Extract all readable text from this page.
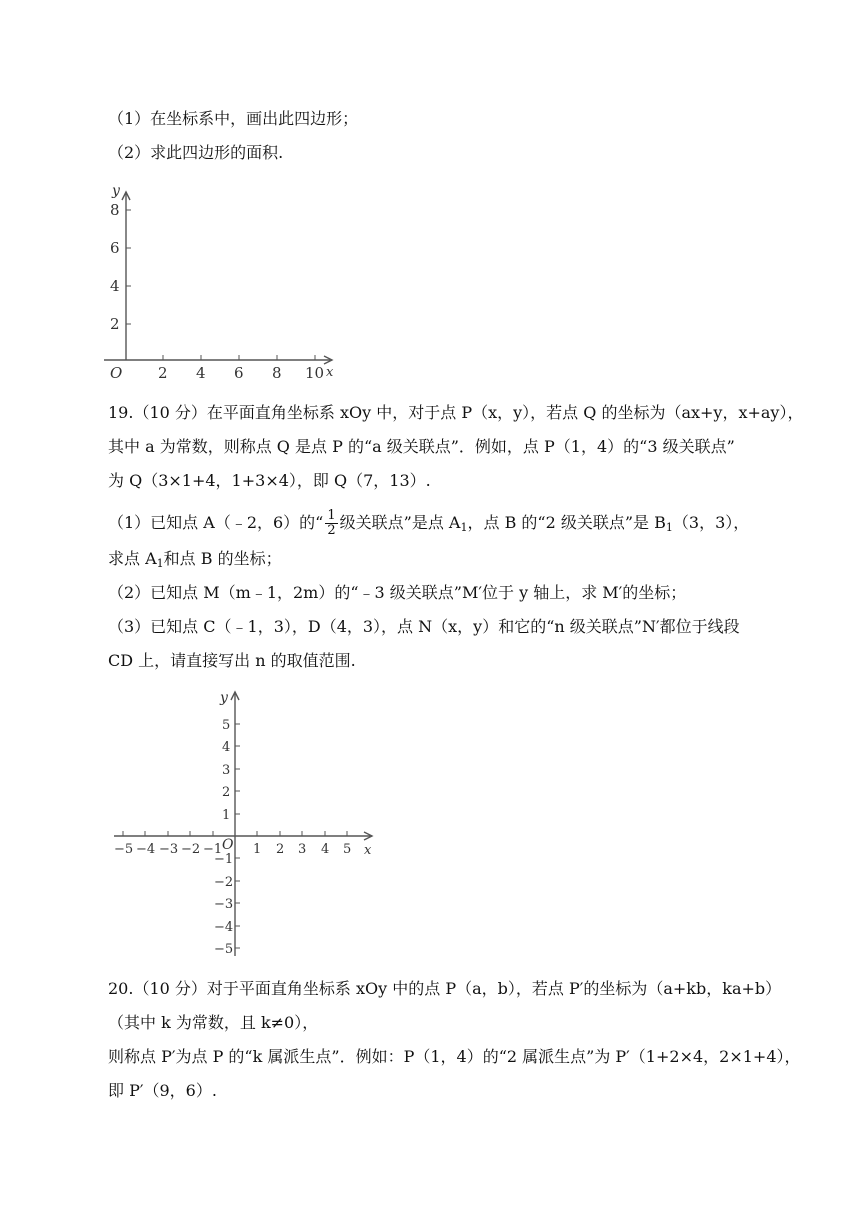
（1）在坐标系中，画出此四边形；
（2）求此四边形的面积.
y
8
6
4
2
O 2 4 6 8 10 x
19.（10 分）在平面直角坐标系 xOy 中，对于点 P（x，y），若点 Q 的坐标为（ax+y，x+ay），
其中 a 为常数，则称点 Q 是点 P 的“a 级关联点”．例如，点 P（1，4）的“3 级关联点”
为 Q（3×1+4，1+3×4），即 Q（7，13）.
（1）已知点 A（﹣2，6）的“ $\frac{1}{2}$ 级关联点”是点 $A_1$，点 B 的“2 级关联点”是 $B_1(3$，3），
求点 $A_1$和点 B 的坐标；
（2）已知点 M（m﹣1，2m）的“﹣3 级关联点”M′位于 y 轴上，求 M′的坐标；
（3）已知点 C（﹣1，3），D（4，3），点 N（x，y）和它的“n 级关联点”N′都位于线段
CD 上，请直接写出 n 的取值范围.
y
5
4
3
2
1
O
−1
−2
−3
−4
−5
−5 −4 −3 −2 −1 1 2 3 4 5 x
20.（10 分）对于平面直角坐标系 xOy 中的点 P（a，b），若点 P′的坐标为（a+kb，ka+b）
（其中 k 为常数，且 k≠0），
则称点 P′为点 P 的“k 属派生点”．例如：P（1，4）的“2 属派生点”为 P′（1+2×4，2×1+4），
即 P′（9，6）.
